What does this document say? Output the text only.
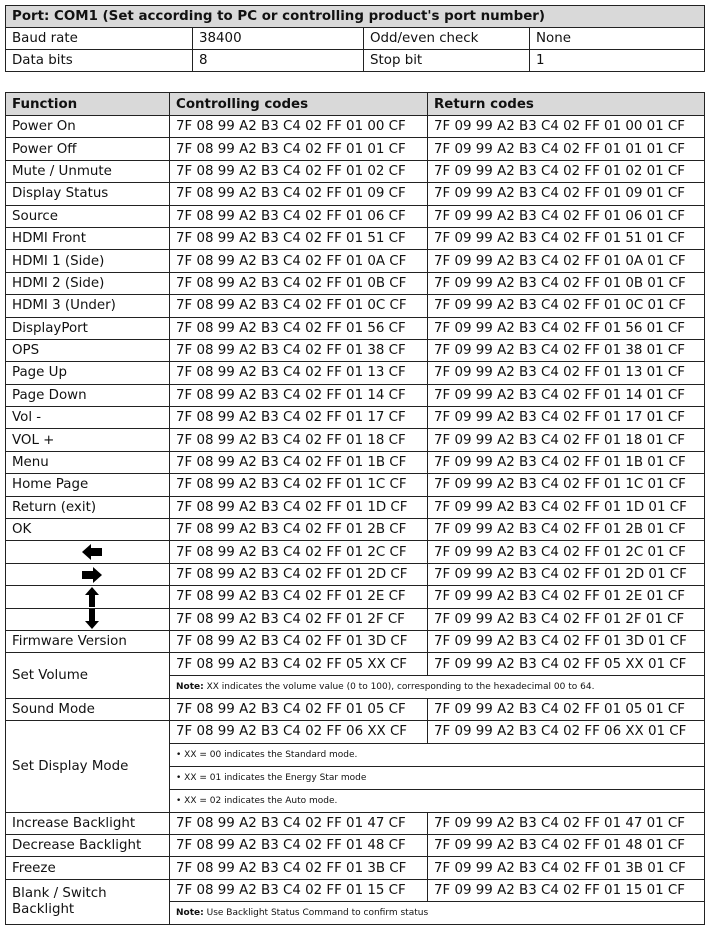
Port: COM1 (Set according to PC or controlling product's port number)			
Baud rate	38400	Odd/even check	None
Data bits	8	Stop bit	1
Function	Controlling codes	Return codes
Power On	7F 08 99 A2 B3 C4 02 FF 01 00 CF	7F 09 99 A2 B3 C4 02 FF 01 00 01 CF
Power Off	7F 08 99 A2 B3 C4 02 FF 01 01 CF	7F 09 99 A2 B3 C4 02 FF 01 01 01 CF
Mute / Unmute	7F 08 99 A2 B3 C4 02 FF 01 02 CF	7F 09 99 A2 B3 C4 02 FF 01 02 01 CF
Display Status	7F 08 99 A2 B3 C4 02 FF 01 09 CF	7F 09 99 A2 B3 C4 02 FF 01 09 01 CF
Source	7F 08 99 A2 B3 C4 02 FF 01 06 CF	7F 09 99 A2 B3 C4 02 FF 01 06 01 CF
HDMI Front	7F 08 99 A2 B3 C4 02 FF 01 51 CF	7F 09 99 A2 B3 C4 02 FF 01 51 01 CF
HDMI 1 (Side)	7F 08 99 A2 B3 C4 02 FF 01 0A CF	7F 09 99 A2 B3 C4 02 FF 01 0A 01 CF
HDMI 2 (Side)	7F 08 99 A2 B3 C4 02 FF 01 0B CF	7F 09 99 A2 B3 C4 02 FF 01 0B 01 CF
HDMI 3 (Under)	7F 08 99 A2 B3 C4 02 FF 01 0C CF	7F 09 99 A2 B3 C4 02 FF 01 0C 01 CF
DisplayPort	7F 08 99 A2 B3 C4 02 FF 01 56 CF	7F 09 99 A2 B3 C4 02 FF 01 56 01 CF
OPS	7F 08 99 A2 B3 C4 02 FF 01 38 CF	7F 09 99 A2 B3 C4 02 FF 01 38 01 CF
Page Up	7F 08 99 A2 B3 C4 02 FF 01 13 CF	7F 09 99 A2 B3 C4 02 FF 01 13 01 CF
Page Down	7F 08 99 A2 B3 C4 02 FF 01 14 CF	7F 09 99 A2 B3 C4 02 FF 01 14 01 CF
Vol -	7F 08 99 A2 B3 C4 02 FF 01 17 CF	7F 09 99 A2 B3 C4 02 FF 01 17 01 CF
VOL +	7F 08 99 A2 B3 C4 02 FF 01 18 CF	7F 09 99 A2 B3 C4 02 FF 01 18 01 CF
Menu	7F 08 99 A2 B3 C4 02 FF 01 1B CF	7F 09 99 A2 B3 C4 02 FF 01 1B 01 CF
Home Page	7F 08 99 A2 B3 C4 02 FF 01 1C CF	7F 09 99 A2 B3 C4 02 FF 01 1C 01 CF
Return (exit)	7F 08 99 A2 B3 C4 02 FF 01 1D CF	7F 09 99 A2 B3 C4 02 FF 01 1D 01 CF
OK	7F 08 99 A2 B3 C4 02 FF 01 2B CF	7F 09 99 A2 B3 C4 02 FF 01 2B 01 CF
	7F 08 99 A2 B3 C4 02 FF 01 2C CF	7F 09 99 A2 B3 C4 02 FF 01 2C 01 CF
	7F 08 99 A2 B3 C4 02 FF 01 2D CF	7F 09 99 A2 B3 C4 02 FF 01 2D 01 CF
	7F 08 99 A2 B3 C4 02 FF 01 2E CF	7F 09 99 A2 B3 C4 02 FF 01 2E 01 CF
	7F 08 99 A2 B3 C4 02 FF 01 2F CF	7F 09 99 A2 B3 C4 02 FF 01 2F 01 CF
Firmware Version	7F 08 99 A2 B3 C4 02 FF 01 3D CF	7F 09 99 A2 B3 C4 02 FF 01 3D 01 CF
Set Volume	7F 08 99 A2 B3 C4 02 FF 05 XX CF	7F 09 99 A2 B3 C4 02 FF 05 XX 01 CF
	Note: XX indicates the volume value (0 to 100), corresponding to the hexadecimal 00 to 64.	
Sound Mode	7F 08 99 A2 B3 C4 02 FF 01 05 CF	7F 09 99 A2 B3 C4 02 FF 01 05 01 CF
Set Display Mode	7F 08 99 A2 B3 C4 02 FF 06 XX CF	7F 09 99 A2 B3 C4 02 FF 06 XX 01 CF
	• XX = 00 indicates the Standard mode.	
	• XX = 01 indicates the Energy Star mode	
	• XX = 02 indicates the Auto mode.	
Increase Backlight	7F 08 99 A2 B3 C4 02 FF 01 47 CF	7F 09 99 A2 B3 C4 02 FF 01 47 01 CF
Decrease Backlight	7F 08 99 A2 B3 C4 02 FF 01 48 CF	7F 09 99 A2 B3 C4 02 FF 01 48 01 CF
Freeze	7F 08 99 A2 B3 C4 02 FF 01 3B CF	7F 09 99 A2 B3 C4 02 FF 01 3B 01 CF
Blank / Switch Backlight	7F 08 99 A2 B3 C4 02 FF 01 15 CF	7F 09 99 A2 B3 C4 02 FF 01 15 01 CF
	Note: Use Backlight Status Command to confirm status	
